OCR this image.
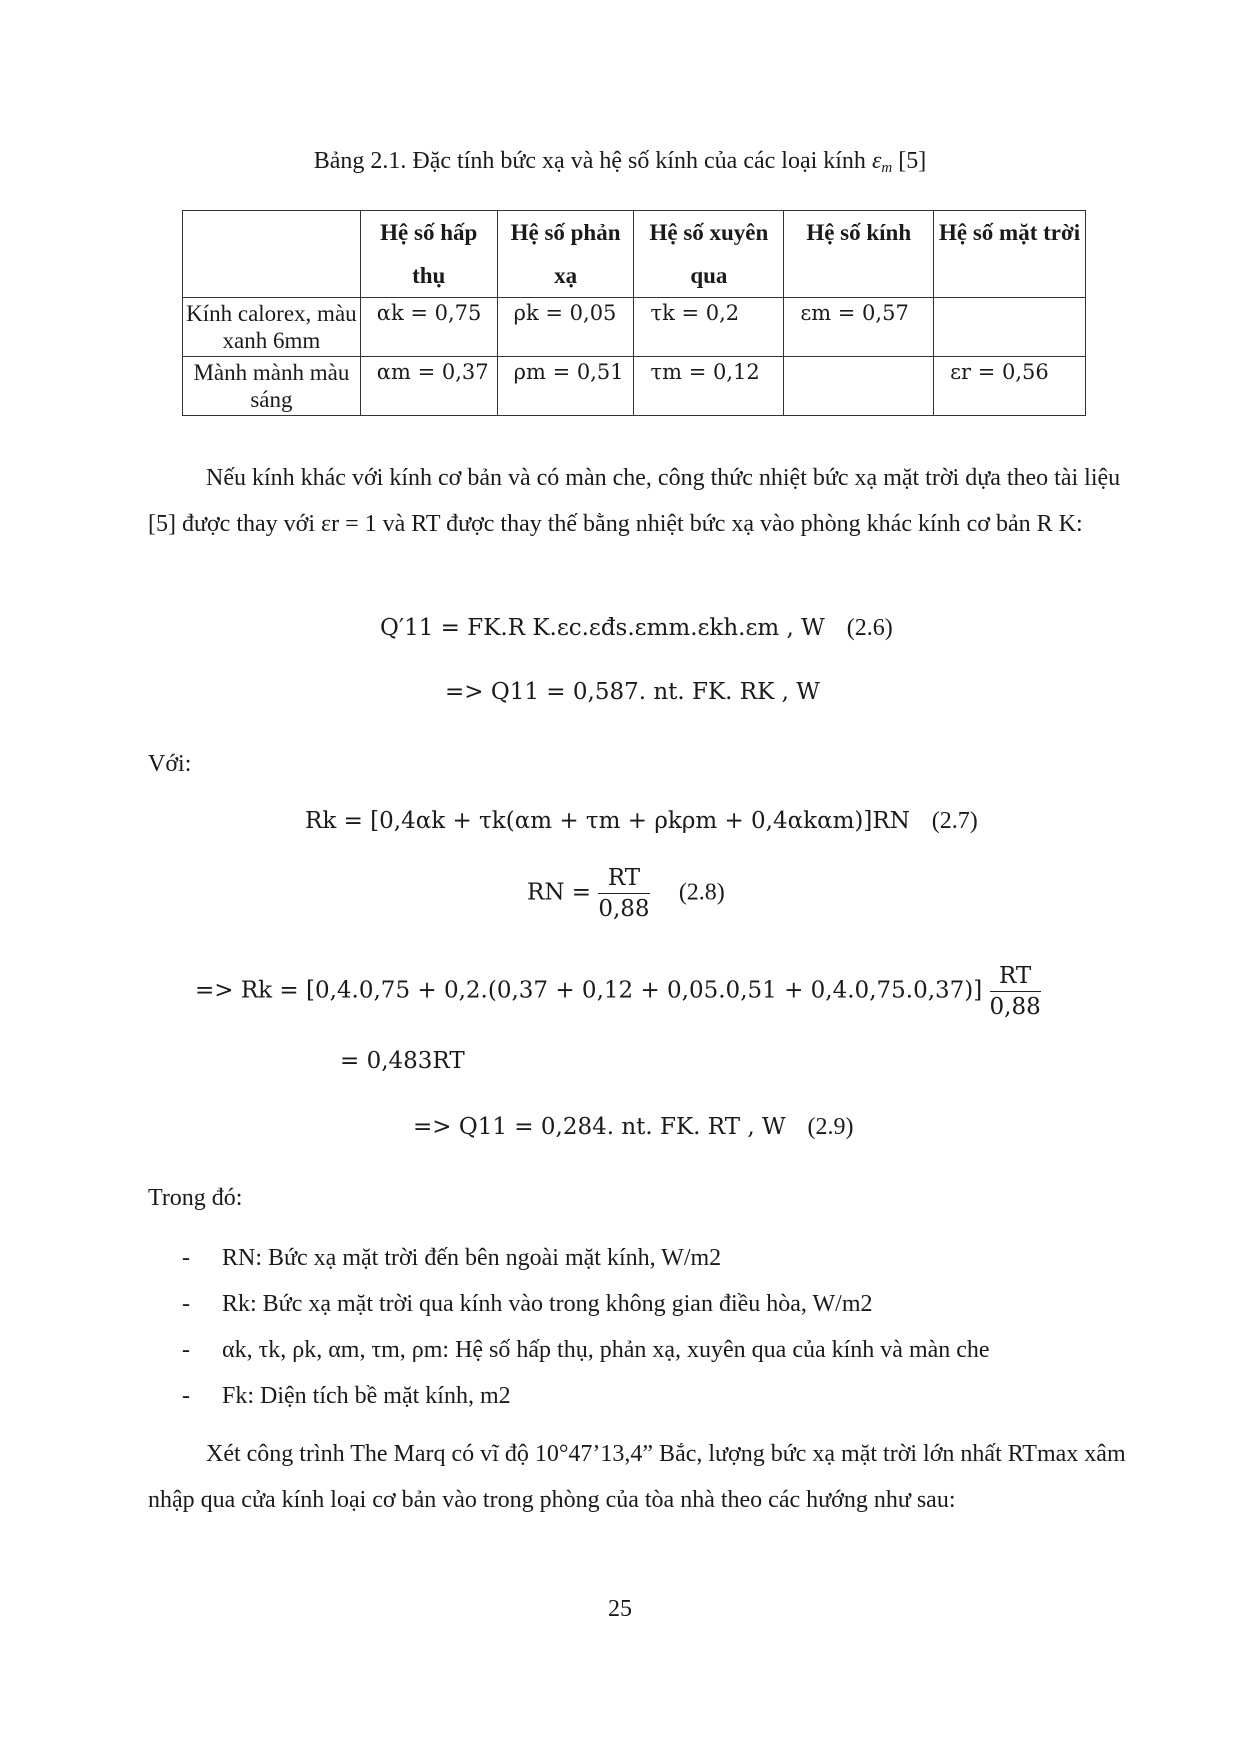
Bảng 2.1. Đặc tính bức xạ và hệ số kính của các loại kính $\varepsilon_m$ [5]
	Hệ số hấp thụ	Hệ số phản xạ	Hệ số xuyên qua	Hệ số kính	Hệ số mặt trời
Kính calorex, màu xanh 6mm	αk = 0,75	ρk = 0,05	τk = 0,2	εm = 0,57	
Mành mành màu sáng	αm = 0,37	ρm = 0,51	τm = 0,12		εr = 0,56
Nếu kính khác với kính cơ bản và có màn che, công thức nhiệt bức xạ mặt trời dựa theo tài liệu [5] được thay với εr = 1 và RT được thay thế bằng nhiệt bức xạ vào phòng khác kính cơ bản R K:
Q′11 = FK.R K.εc.εđs.εmm.εkh.εm , W (2.6)
=> Q11 = 0,587. nt. FK. RK , W
Với:
Rk = [0,4αk + τk(αm + τm + ρkρm + 0,4αkαm)]RN (2.7)
RN = $\frac{RT}{0,88} (2.8)$
=> $Rk = [0,4.0,75 + 0,2.(0,37 + 0,12 + 0,05.0,51 + 0,4.0,75.0,37)] \frac{RT}{0,88}$
= 0,483RT
=> Q11 = 0,284. nt. FK. RT , W (2.9)
Trong đó:
- RN: Bức xạ mặt trời đến bên ngoài mặt kính, W/m2
- Rk: Bức xạ mặt trời qua kính vào trong không gian điều hòa, W/m2
- αk, τk, ρk, αm, τm, ρm: Hệ số hấp thụ, phản xạ, xuyên qua của kính và màn che
- Fk: Diện tích bề mặt kính, m2
Xét công trình The Marq có vĩ độ 10°47’13,4” Bắc, lượng bức xạ mặt trời lớn nhất RTmax xâm nhập qua cửa kính loại cơ bản vào trong phòng của tòa nhà theo các hướng như sau:
25
